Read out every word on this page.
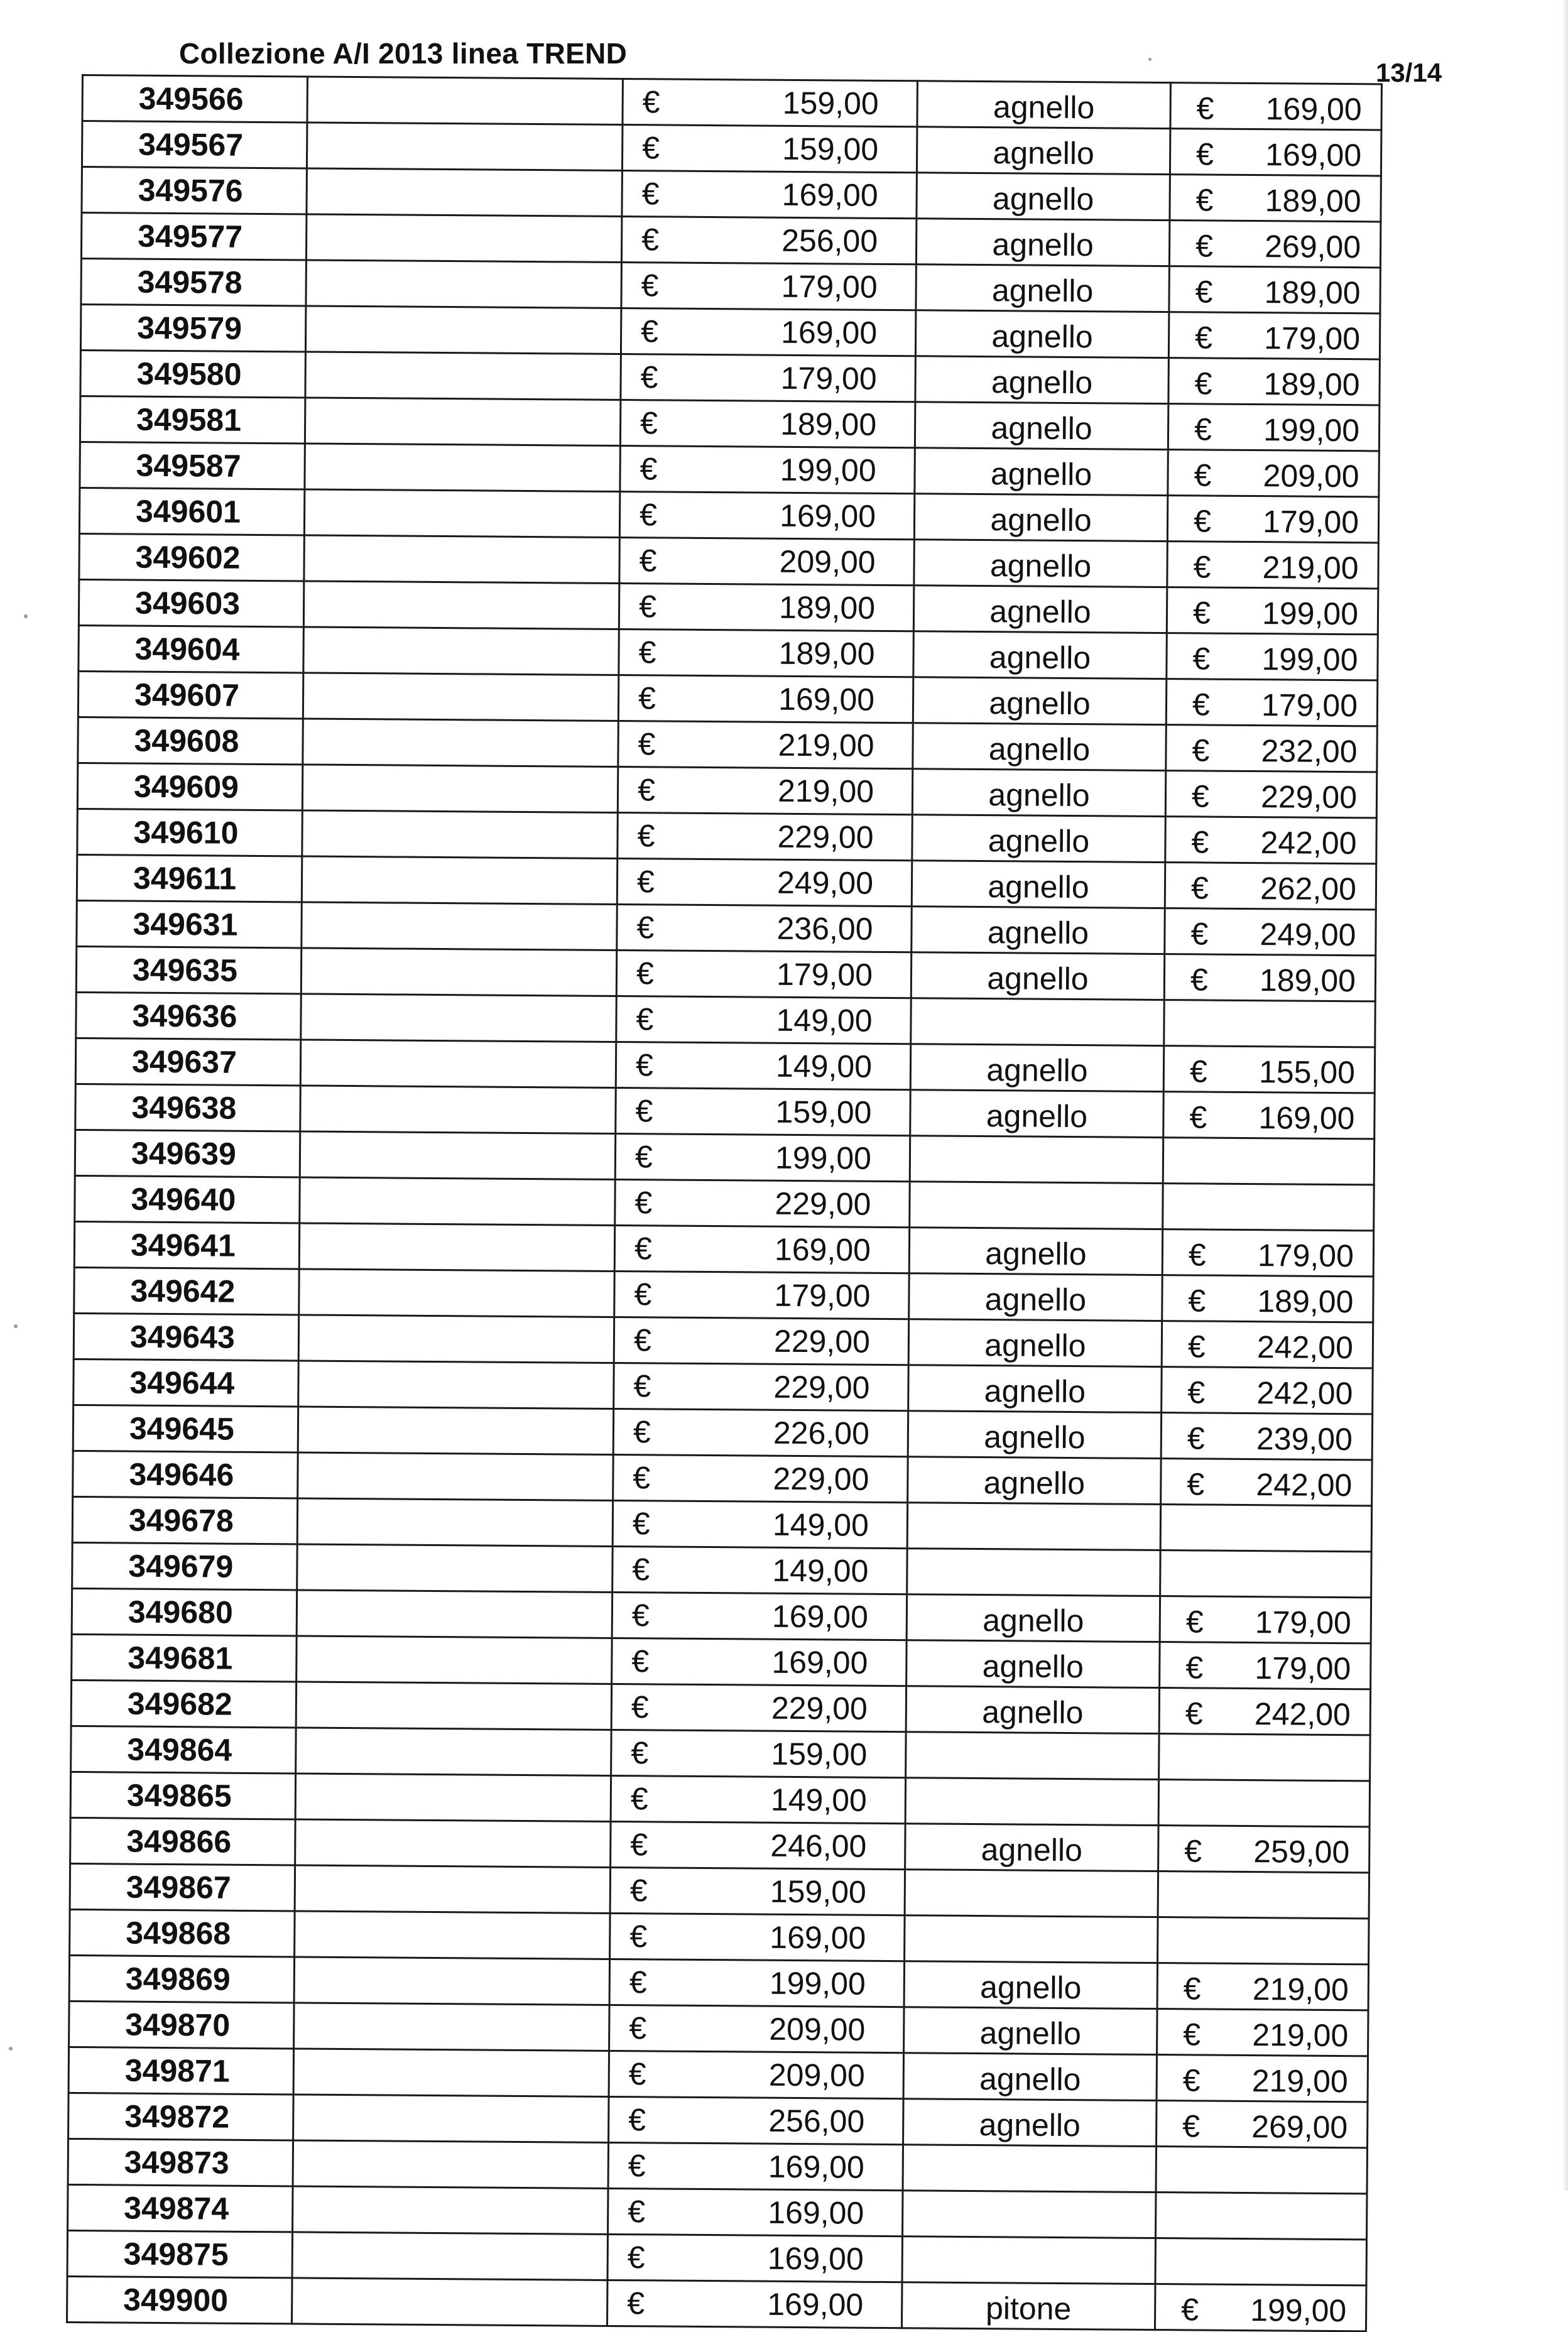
Collezione A/I 2013 linea TREND
13/14
349566		€	159,00	agnello	€	169,00
349567		€	159,00	agnello	€	169,00
349576		€	169,00	agnello	€	189,00
349577		€	256,00	agnello	€	269,00
349578		€	179,00	agnello	€	189,00
349579		€	169,00	agnello	€	179,00
349580		€	179,00	agnello	€	189,00
349581		€	189,00	agnello	€	199,00
349587		€	199,00	agnello	€	209,00
349601		€	169,00	agnello	€	179,00
349602		€	209,00	agnello	€	219,00
349603		€	189,00	agnello	€	199,00
349604		€	189,00	agnello	€	199,00
349607		€	169,00	agnello	€	179,00
349608		€	219,00	agnello	€	232,00
349609		€	219,00	agnello	€	229,00
349610		€	229,00	agnello	€	242,00
349611		€	249,00	agnello	€	262,00
349631		€	236,00	agnello	€	249,00
349635		€	179,00	agnello	€	189,00
349636		€	149,00			
349637		€	149,00	agnello	€	155,00
349638		€	159,00	agnello	€	169,00
349639		€	199,00			
349640		€	229,00			
349641		€	169,00	agnello	€	179,00
349642		€	179,00	agnello	€	189,00
349643		€	229,00	agnello	€	242,00
349644		€	229,00	agnello	€	242,00
349645		€	226,00	agnello	€	239,00
349646		€	229,00	agnello	€	242,00
349678		€	149,00			
349679		€	149,00			
349680		€	169,00	agnello	€	179,00
349681		€	169,00	agnello	€	179,00
349682		€	229,00	agnello	€	242,00
349864		€	159,00			
349865		€	149,00			
349866		€	246,00	agnello	€	259,00
349867		€	159,00			
349868		€	169,00			
349869		€	199,00	agnello	€	219,00
349870		€	209,00	agnello	€	219,00
349871		€	209,00	agnello	€	219,00
349872		€	256,00	agnello	€	269,00
349873		€	169,00			
349874		€	169,00			
349875		€	169,00			
349900		€	169,00	pitone	€	199,00
